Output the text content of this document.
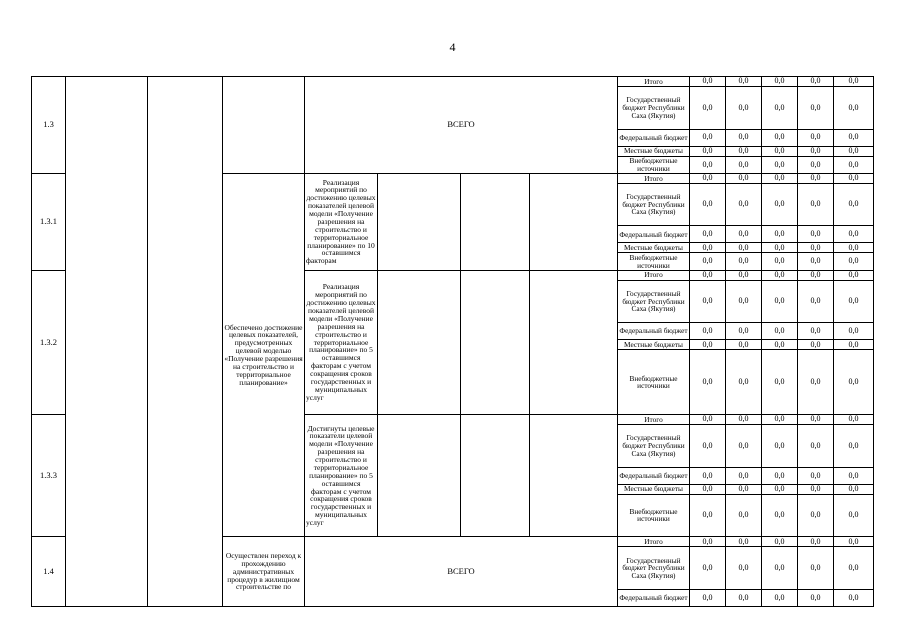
4
1.3				ВСЕГО				Итого	0,0	0,0	0,0	0,0	0,0
								Государственный бюджет Республики Саха (Якутия)	0,0	0,0	0,0	0,0	0,0
								Федеральный бюджет	0,0	0,0	0,0	0,0	0,0
								Местные бюджеты	0,0	0,0	0,0	0,0	0,0
								Внебюджетные источники	0,0	0,0	0,0	0,0	0,0
1.3.1			Обеспечено достижение целевых показателей, предусмотренных целевой моделью «Получение разрешения на строительство и территориальное планирование»	Реализация мероприятий по достижению целевых показателей целевой модели «Получение разрешения на строительство и территориальное планирование» по 10 оставшимся факторам				Итого	0,0	0,0	0,0	0,0	0,0
								Государственный бюджет Республики Саха (Якутия)	0,0	0,0	0,0	0,0	0,0
								Федеральный бюджет	0,0	0,0	0,0	0,0	0,0
								Местные бюджеты	0,0	0,0	0,0	0,0	0,0
								Внебюджетные источники	0,0	0,0	0,0	0,0	0,0
1.3.2				Реализация мероприятий по достижению целевых показателей целевой модели «Получение разрешения на строительство и территориальное планирование» по 5 оставшимся факторам с учетом сокращения сроков государственных и муниципальных услуг				Итого	0,0	0,0	0,0	0,0	0,0
								Государственный бюджет Республики Саха (Якутия)	0,0	0,0	0,0	0,0	0,0
								Федеральный бюджет	0,0	0,0	0,0	0,0	0,0
								Местные бюджеты	0,0	0,0	0,0	0,0	0,0
								Внебюджетные источники	0,0	0,0	0,0	0,0	0,0
1.3.3				Достигнуты целевые показатели целевой модели «Получение разрешения на строительство и территориальное планирование» по 5 оставшимся факторам с учетом сокращения сроков государственных и муниципальных услуг				Итого	0,0	0,0	0,0	0,0	0,0
								Государственный бюджет Республики Саха (Якутия)	0,0	0,0	0,0	0,0	0,0
								Федеральный бюджет	0,0	0,0	0,0	0,0	0,0
								Местные бюджеты	0,0	0,0	0,0	0,0	0,0
								Внебюджетные источники	0,0	0,0	0,0	0,0	0,0
1.4			Осуществлен переход к прохождению административных процедур в жилищном строительстве по	ВСЕГО				Итого	0,0	0,0	0,0	0,0	0,0
								Государственный бюджет Республики Саха (Якутия)	0,0	0,0	0,0	0,0	0,0
								Федеральный бюджет	0,0	0,0	0,0	0,0	0,0
